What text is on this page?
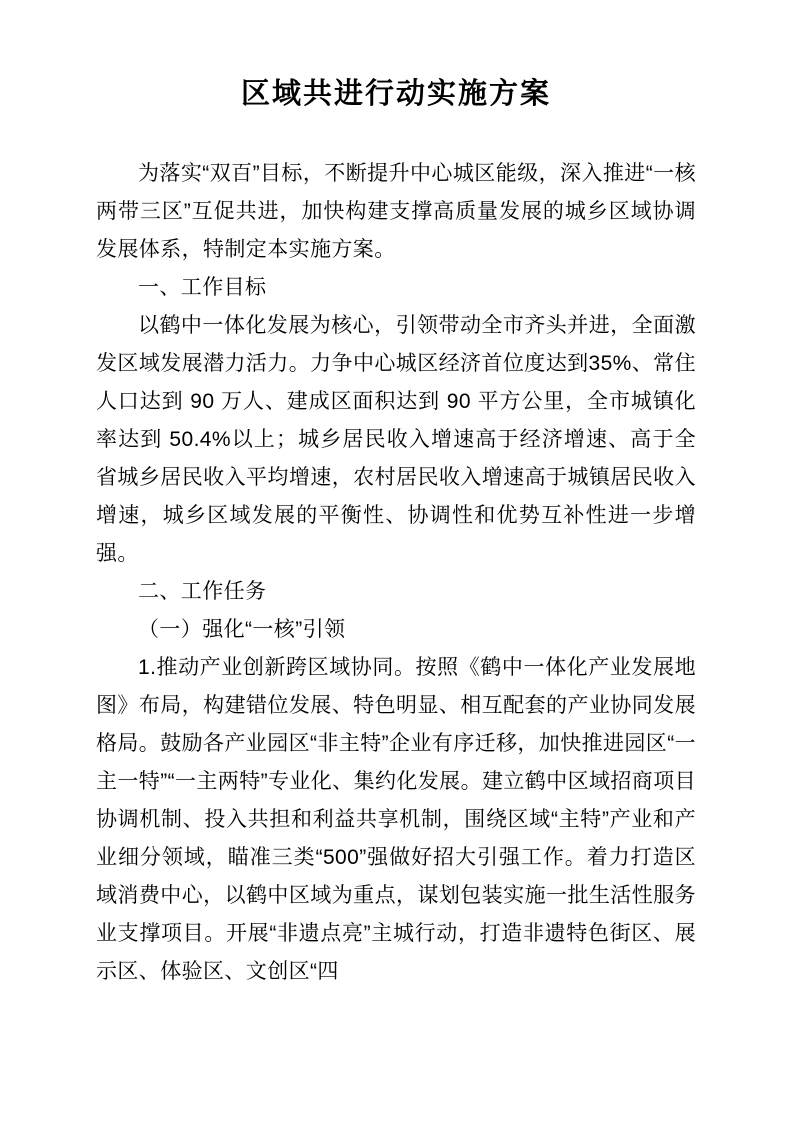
区域共进行动实施方案

为落实“双百”目标，不断提升中心城区能级，深入推进“一核两带三区”互促共进，加快构建支撑高质量发展的城乡区域协调发展体系，特制定本实施方案。

一、工作目标

以鹤中一体化发展为核心，引领带动全市齐头并进，全面激发区域发展潜力活力。力争中心城区经济首位度达到35%、常住人口达到 90 万人、建成区面积达到 90 平方公里，全市城镇化率达到 50.4%以上；城乡居民收入增速高于经济增速、高于全省城乡居民收入平均增速，农村居民收入增速高于城镇居民收入增速，城乡区域发展的平衡性、协调性和优势互补性进一步增强。

二、工作任务

（一）强化“一核”引领

1.推动产业创新跨区域协同。按照《鹤中一体化产业发展地图》布局，构建错位发展、特色明显、相互配套的产业协同发展格局。鼓励各产业园区“非主特”企业有序迁移，加快推进园区“一主一特”“一主两特”专业化、集约化发展。建立鹤中区域招商项目协调机制、投入共担和利益共享机制，围绕区域“主特”产业和产业细分领域，瞄准三类“500”强做好招大引强工作。着力打造区域消费中心，以鹤中区域为重点，谋划包装实施一批生活性服务业支撑项目。开展“非遗点亮”主城行动，打造非遗特色街区、展示区、体验区、文创区“四
